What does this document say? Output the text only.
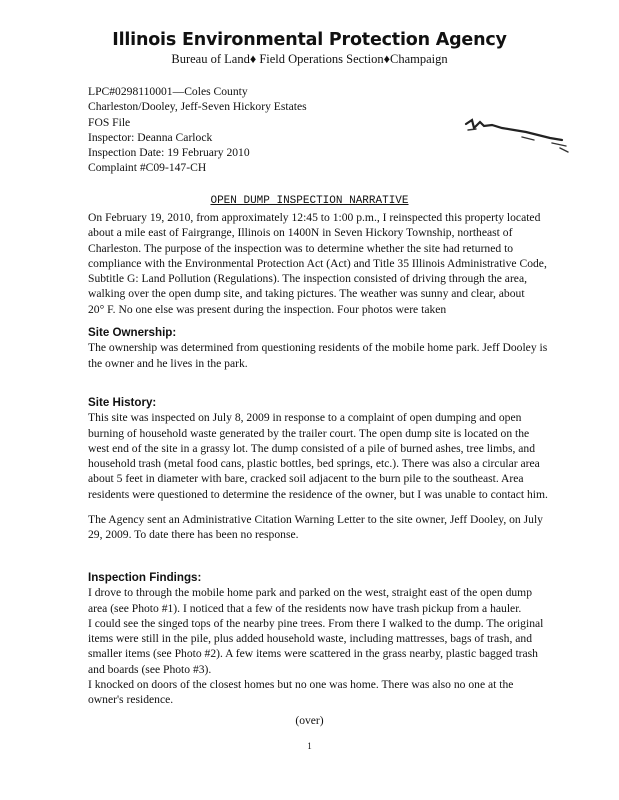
Illinois Environmental Protection Agency
Bureau of Land♦ Field Operations Section♦Champaign
LPC#0298110001—Coles County
Charleston/Dooley, Jeff-Seven Hickory Estates
FOS File
Inspector: Deanna Carlock
Inspection Date: 19 February 2010
Complaint #C09-147-CH
OPEN DUMP INSPECTION NARRATIVE
On February 19, 2010, from approximately 12:45 to 1:00 p.m., I reinspected this property located
about a mile east of Fairgrange, Illinois on 1400N in Seven Hickory Township, northeast of
Charleston. The purpose of the inspection was to determine whether the site had returned to
compliance with the Environmental Protection Act (Act) and Title 35 Illinois Administrative Code,
Subtitle G: Land Pollution (Regulations). The inspection consisted of driving through the area,
walking over the open dump site, and taking pictures. The weather was sunny and clear, about
20° F. No one else was present during the inspection. Four photos were taken
Site Ownership:
The ownership was determined from questioning residents of the mobile home park. Jeff Dooley is
the owner and he lives in the park.
Site History:
This site was inspected on July 8, 2009 in response to a complaint of open dumping and open
burning of household waste generated by the trailer court. The open dump site is located on the
west end of the site in a grassy lot. The dump consisted of a pile of burned ashes, tree limbs, and
household trash (metal food cans, plastic bottles, bed springs, etc.). There was also a circular area
about 5 feet in diameter with bare, cracked soil adjacent to the burn pile to the southeast. Area
residents were questioned to determine the residence of the owner, but I was unable to contact him.
The Agency sent an Administrative Citation Warning Letter to the site owner, Jeff Dooley, on July
29, 2009. To date there has been no response.
Inspection Findings:
I drove to through the mobile home park and parked on the west, straight east of the open dump
area (see Photo #1). I noticed that a few of the residents now have trash pickup from a hauler.
I could see the singed tops of the nearby pine trees. From there I walked to the dump. The original
items were still in the pile, plus added household waste, including mattresses, bags of trash, and
smaller items (see Photo #2). A few items were scattered in the grass nearby, plastic bagged trash
and boards (see Photo #3).
I knocked on doors of the closest homes but no one was home. There was also no one at the
owner's residence.
(over)
1
